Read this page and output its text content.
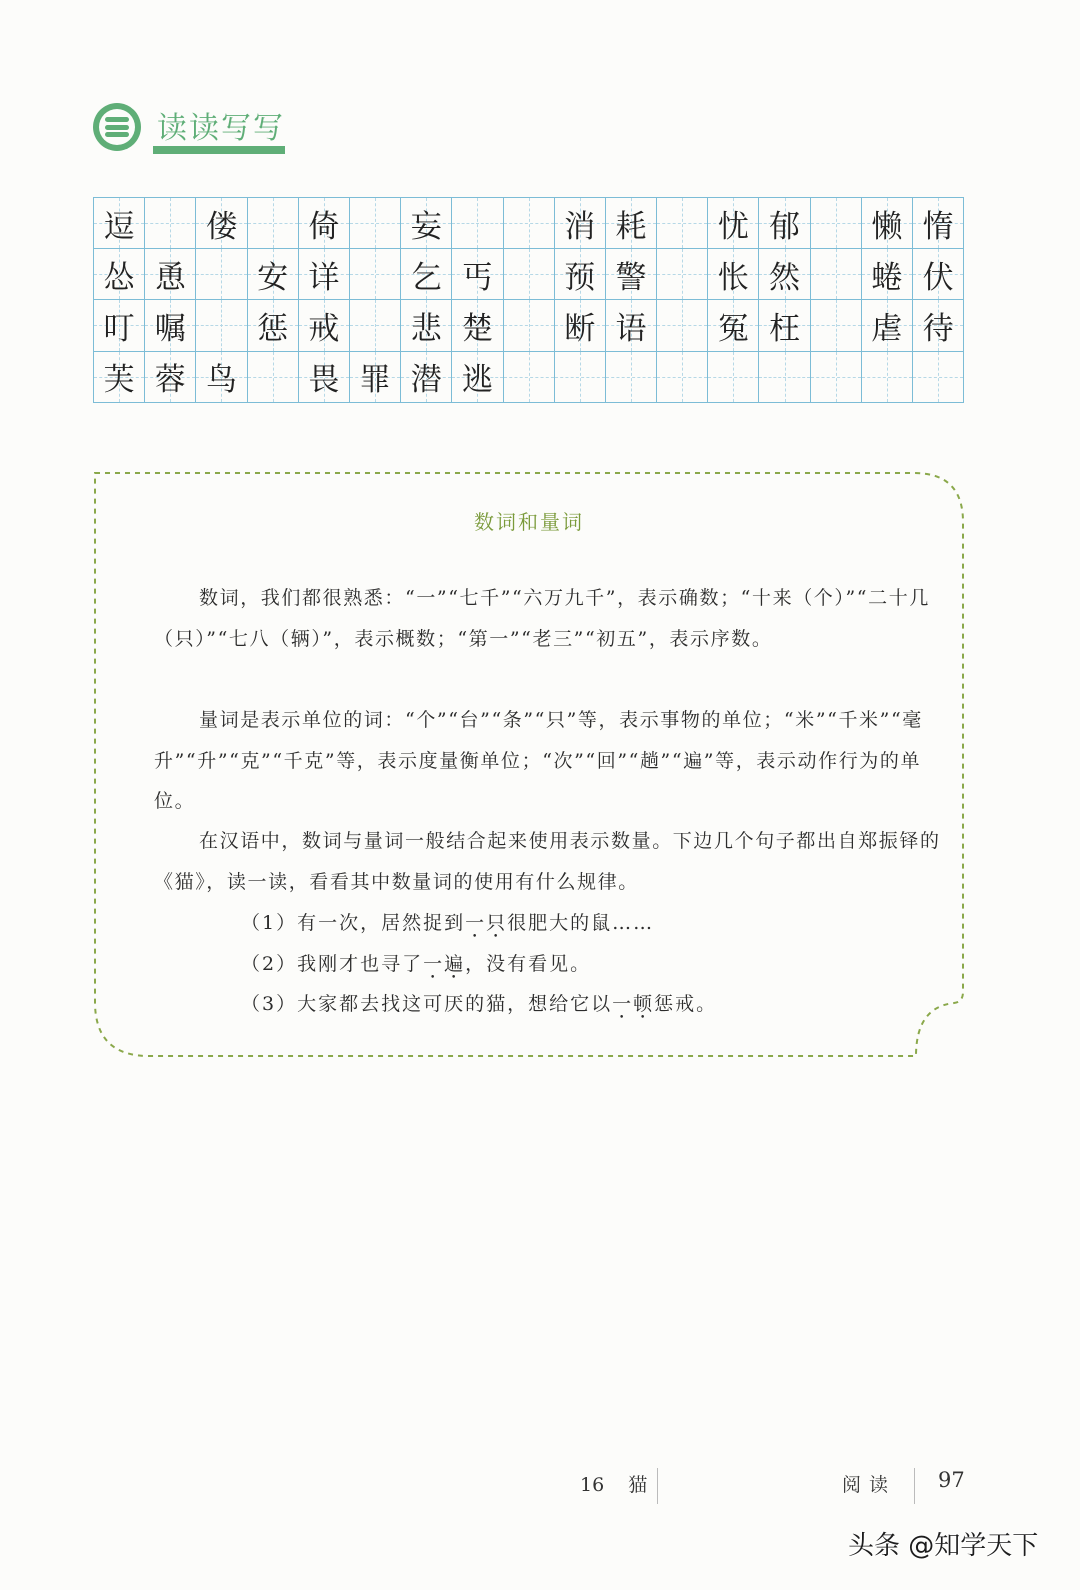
读读写写
逗 偻 倚 妄	消 耗 忧 郁 懒 惰
怂 恿 安 详 乞 丐 预 警 怅 然 蜷 伏
叮 嘱 惩 戒 悲 楚 断 语 冤 枉 虐 待
芙 蓉 鸟 畏 罪 潜 逃
数词和量词

数词，我们都很熟悉：“一”“七千”“六万九千”，表示确数；“十来（个）”“二十几（只）”“七八（辆）”，表示概数；“第一”“老三”“初五”，表示序数。

量词是表示单位的词：“个”“台”“条”“只”等，表示事物的单位；“米”“千米”“毫升”“升”“克”“千克”等，表示度量衡单位；“次”“回”“趟”“遍”等，表示动作行为的单位。

在汉语中，数词与量词一般结合起来使用表示数量。下边几个句子都出自郑振铎的《猫》，读一读，看看其中数量词的使用有什么规律。

（1）有一次，居然捉到一只很肥大的鼠……
（2）我刚才也寻了一遍，没有看见。
（3）大家都去找这可厌的猫，想给它以一顿惩戒。
16 猫	阅读 97
头条 @知学天下
